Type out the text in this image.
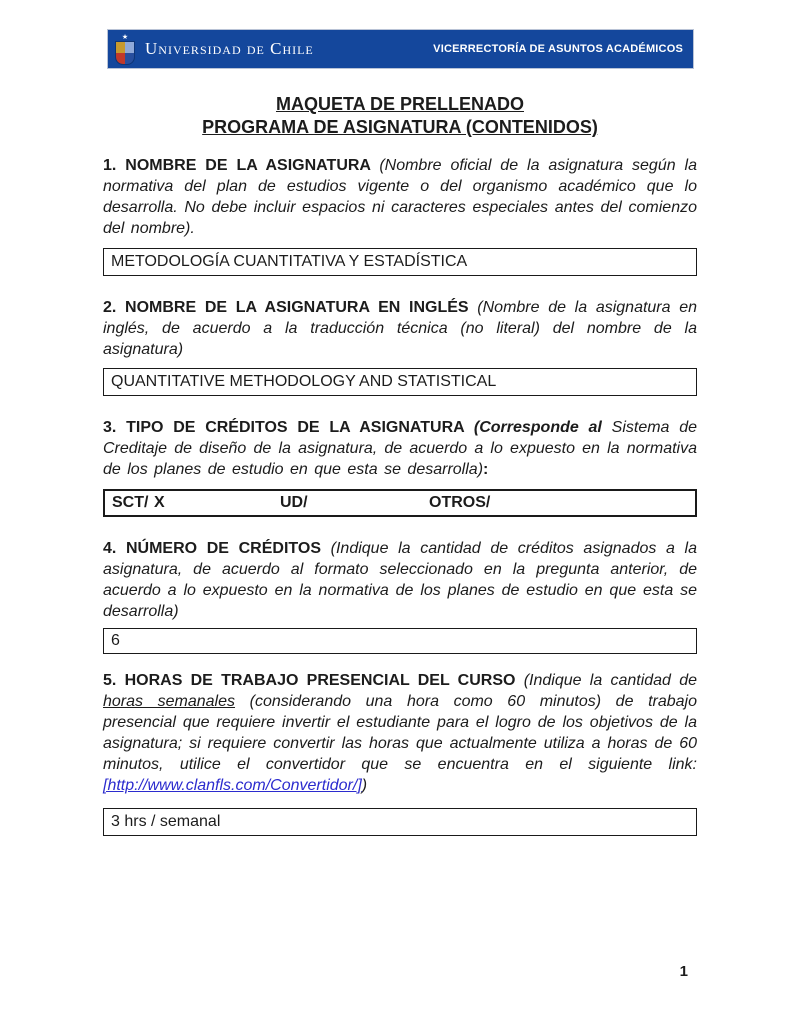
★
Universidad de Chile	VICERRECTORÍA DE ASUNTOS ACADÉMICOS
MAQUETA DE PRELLENADO
PROGRAMA DE ASIGNATURA (CONTENIDOS)

1. NOMBRE DE LA ASIGNATURA (Nombre oficial de la asignatura según la normativa del plan de estudios vigente o del organismo académico que lo desarrolla. No debe incluir espacios ni caracteres especiales antes del comienzo del nombre).

METODOLOGÍA CUANTITATIVA Y ESTADÍSTICA

2. NOMBRE DE LA ASIGNATURA EN INGLÉS (Nombre de la asignatura en inglés, de acuerdo a la traducción técnica (no literal) del nombre de la asignatura)

QUANTITATIVE METHODOLOGY AND STATISTICAL

3. TIPO DE CRÉDITOS DE LA ASIGNATURA (Corresponde al Sistema de Creditaje de diseño de la asignatura, de acuerdo a lo expuesto en la normativa de los planes de estudio en que esta se desarrolla):

SCT/ X	UD/	OTROS/

4. NÚMERO DE CRÉDITOS (Indique la cantidad de créditos asignados a la asignatura, de acuerdo al formato seleccionado en la pregunta anterior, de acuerdo a lo expuesto en la normativa de los planes de estudio en que esta se desarrolla)

6

5. HORAS DE TRABAJO PRESENCIAL DEL CURSO (Indique la cantidad de horas semanales (considerando una hora como 60 minutos) de trabajo presencial que requiere invertir el estudiante para el logro de los objetivos de la asignatura; si requiere convertir las horas que actualmente utiliza a horas de 60 minutos, utilice el convertidor que se encuentra en el siguiente link: [http://www.clanfls.com/Convertidor/])

3 hrs / semanal
1
